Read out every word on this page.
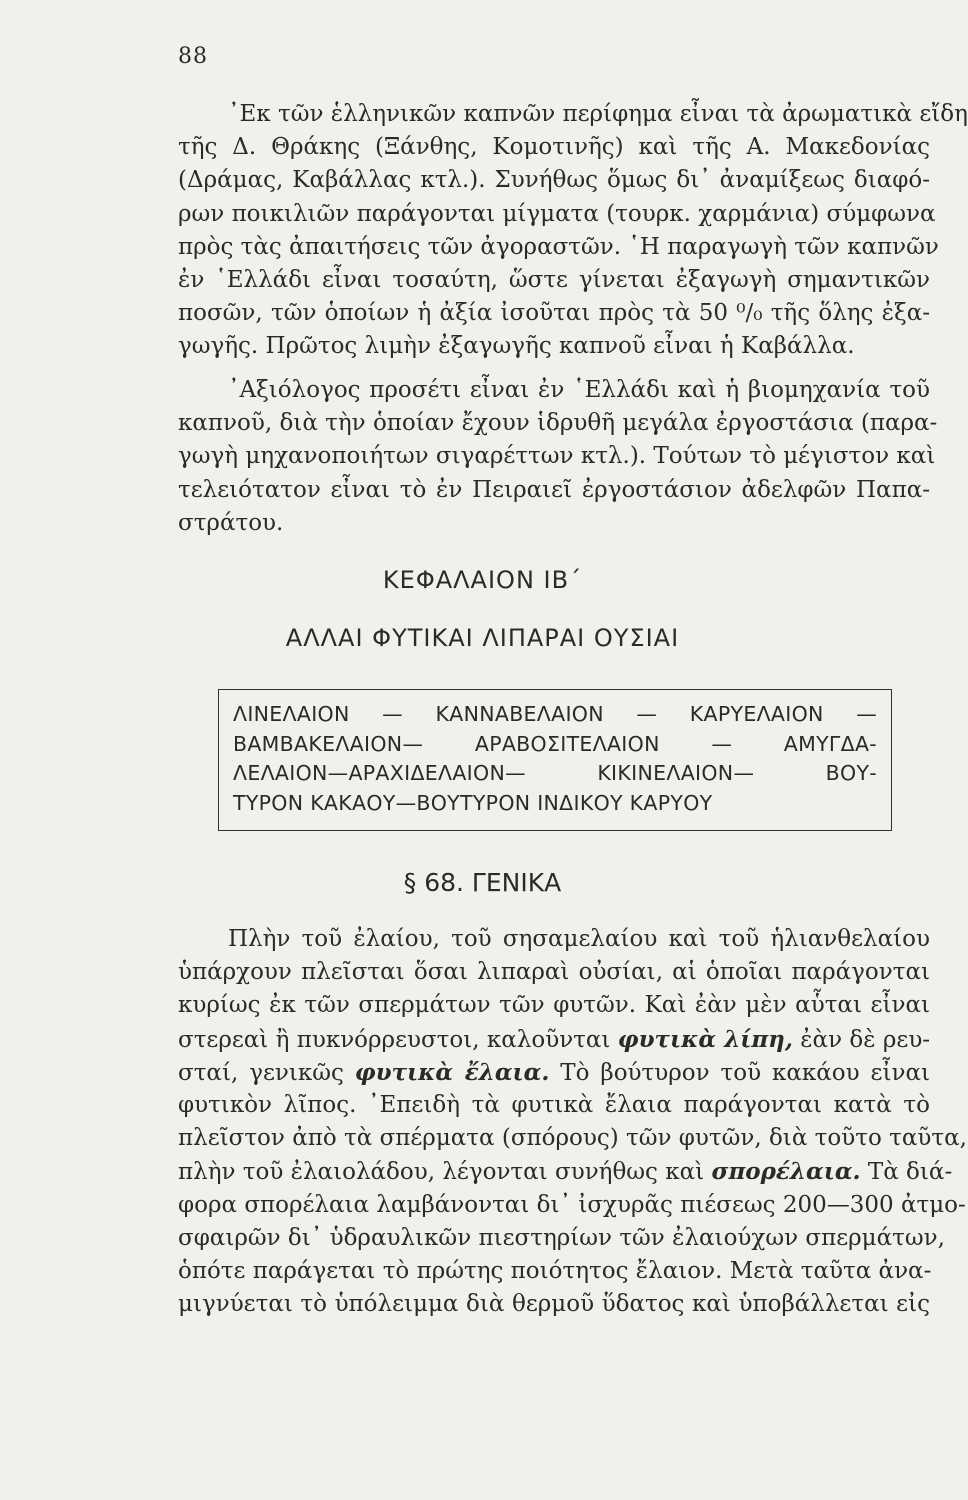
88
᾽Εκ τῶν ἑλληνικῶν καπνῶν περίφημα εἶναι τὰ ἀρωματικὰ εἴδη
τῆς Δ. Θράκης (Ξάνθης, Κομοτινῆς) καὶ τῆς Α. Μακεδονίας
(Δράμας, Καβάλλας κτλ.). Συνήθως ὅμως δι᾽ ἀναμίξεως διαφό-
ρων ποικιλιῶν παράγονται μίγματα (τουρκ. χαρμάνια) σύμφωνα
πρὸς τὰς ἀπαιτήσεις τῶν ἀγοραστῶν. ῾Η παραγωγὴ τῶν καπνῶν
ἐν ῾Ελλάδι εἶναι τοσαύτη, ὥστε γίνεται ἐξαγωγὴ σημαντικῶν
ποσῶν, τῶν ὁποίων ἡ ἀξία ἰσοῦται πρὸς τὰ 50 ⁰/₀ τῆς ὅλης ἐξα-
γωγῆς. Πρῶτος λιμὴν ἐξαγωγῆς καπνοῦ εἶναι ἡ Καβάλλα.
᾽Αξιόλογος προσέτι εἶναι ἐν ῾Ελλάδι καὶ ἡ βιομηχανία τοῦ
καπνοῦ, διὰ τὴν ὁποίαν ἔχουν ἱδρυθῆ μεγάλα ἐργοστάσια (παρα-
γωγὴ μηχανοποιήτων σιγαρέττων κτλ.). Τούτων τὸ μέγιστον καὶ
τελειότατον εἶναι τὸ ἐν Πειραιεῖ ἐργοστάσιον ἀδελφῶν Παπα-
στράτου.
ΚΕΦΑΛΑΙΟΝ ΙΒ΄
ΑΛΛΑΙ ΦΥΤΙΚΑΙ ΛΙΠΑΡΑΙ ΟΥΣΙΑΙ
ΛΙΝΕΛΑΙΟΝ — ΚΑΝΝΑΒΕΛΑΙΟΝ — ΚΑΡΥΕΛΑΙΟΝ —
ΒΑΜΒΑΚΕΛΑΙΟΝ— ΑΡΑΒΟΣΙΤΕΛΑΙΟΝ — ΑΜΥΓΔΑ-
ΛΕΛΑΙΟΝ—ΑΡΑΧΙΔΕΛΑΙΟΝ— ΚΙΚΙΝΕΛΑΙΟΝ— ΒΟΥ-
ΤΥΡΟΝ ΚΑΚΑΟΥ—ΒΟΥΤΥΡΟΝ ΙΝΔΙΚΟΥ ΚΑΡΥΟΥ
§ 68. ΓΕΝΙΚΑ
Πλὴν τοῦ ἐλαίου, τοῦ σησαμελαίου καὶ τοῦ ἡλιανθελαίου
ὑπάρχουν πλεῖσται ὅσαι λιπαραὶ οὐσίαι, αἱ ὁποῖαι παράγονται
κυρίως ἐκ τῶν σπερμάτων τῶν φυτῶν. Καὶ ἐὰν μὲν αὗται εἶναι
στερεαὶ ἢ πυκνόρρευστοι, καλοῦνται φυτικὰ λίπη, ἐὰν δὲ ρευ-
σταί, γενικῶς φυτικὰ ἔλαια. Τὸ βούτυρον τοῦ κακάου εἶναι
φυτικὸν λῖπος. ᾽Επειδὴ τὰ φυτικὰ ἔλαια παράγονται κατὰ τὸ
πλεῖστον ἀπὸ τὰ σπέρματα (σπόρους) τῶν φυτῶν, διὰ τοῦτο ταῦτα,
πλὴν τοῦ ἐλαιολάδου, λέγονται συνήθως καὶ σπορέλαια. Τὰ διά-
φορα σπορέλαια λαμβάνονται δι᾽ ἰσχυρᾶς πιέσεως 200—300 ἀτμο-
σφαιρῶν δι᾽ ὑδραυλικῶν πιεστηρίων τῶν ἐλαιούχων σπερμάτων,
ὁπότε παράγεται τὸ πρώτης ποιότητος ἔλαιον. Μετὰ ταῦτα ἀνα-
μιγνύεται τὸ ὑπόλειμμα διὰ θερμοῦ ὕδατος καὶ ὑποβάλλεται εἰς
